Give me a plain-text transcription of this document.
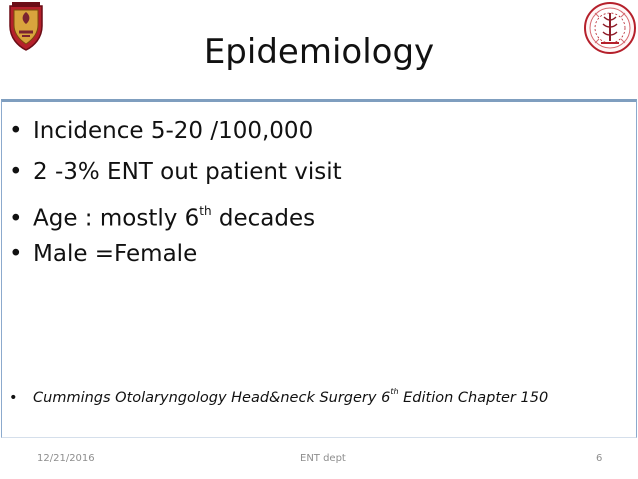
Epidemiology
• Incidence 5-20 /100,000
• 2 -3% ENT out patient visit
• Age : mostly 6th decades
• Male =Female
• Cummings Otolaryngology Head&neck Surgery 6th Edition Chapter 150
12/21/2016	ENT dept	6
